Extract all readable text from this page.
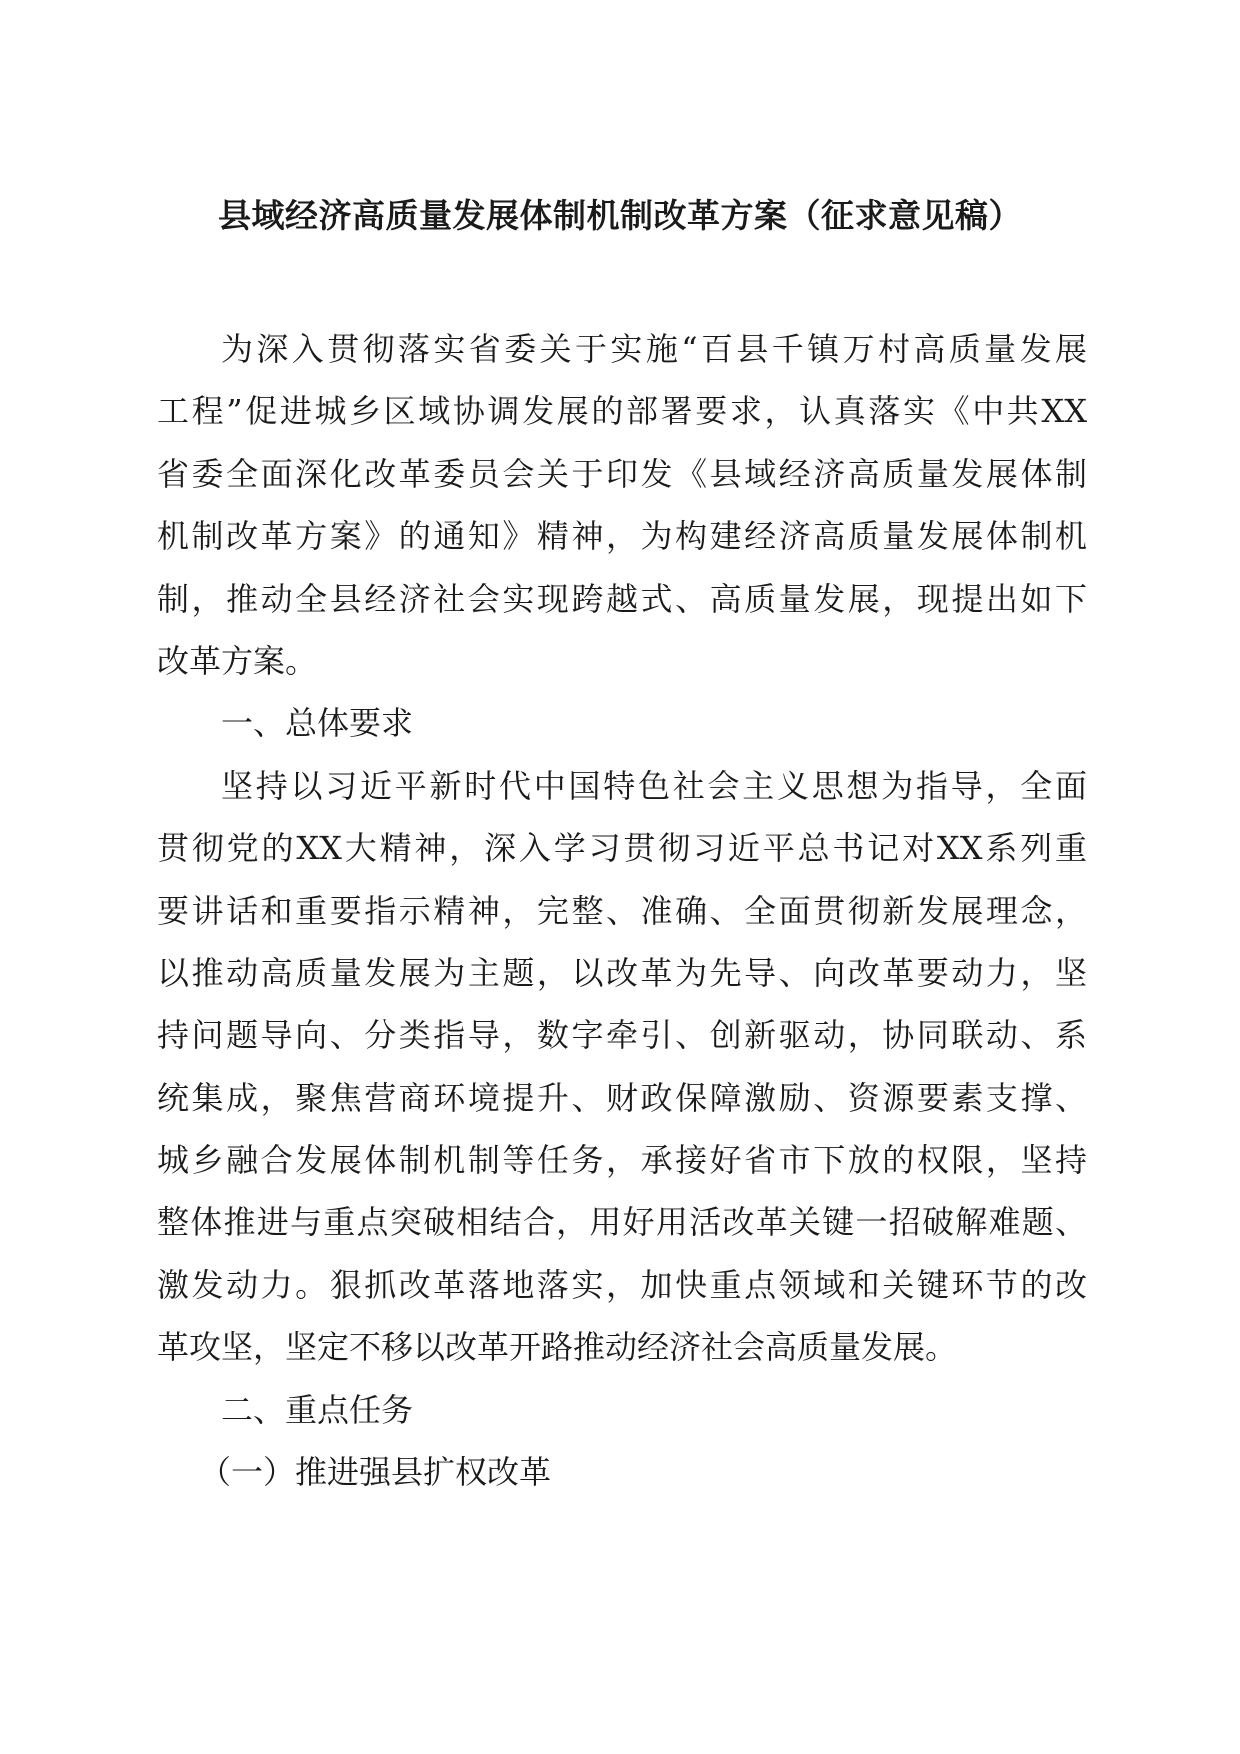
县域经济高质量发展体制机制改革方案（征求意见稿）
为深入贯彻落实省委关于实施“百县千镇万村高质量发展
工程”促进城乡区域协调发展的部署要求，认真落实《中共XX
省委全面深化改革委员会关于印发《县域经济高质量发展体制
机制改革方案》的通知》精神，为构建经济高质量发展体制机
制，推动全县经济社会实现跨越式、高质量发展，现提出如下
改革方案。
一、总体要求
坚持以习近平新时代中国特色社会主义思想为指导，全面
贯彻党的XX大精神，深入学习贯彻习近平总书记对XX系列重
要讲话和重要指示精神，完整、准确、全面贯彻新发展理念，
以推动高质量发展为主题，以改革为先导、向改革要动力，坚
持问题导向、分类指导，数字牵引、创新驱动，协同联动、系
统集成，聚焦营商环境提升、财政保障激励、资源要素支撑、
城乡融合发展体制机制等任务，承接好省市下放的权限，坚持
整体推进与重点突破相结合，用好用活改革关键一招破解难题、
激发动力。狠抓改革落地落实，加快重点领域和关键环节的改
革攻坚，坚定不移以改革开路推动经济社会高质量发展。
二、重点任务
（一）推进强县扩权改革
